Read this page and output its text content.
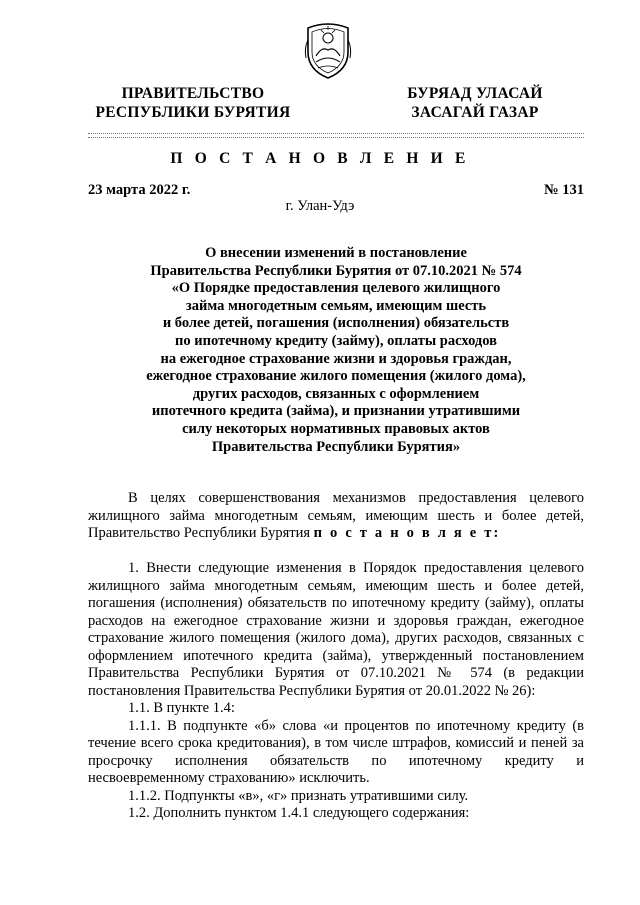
ПРАВИТЕЛЬСТВО
РЕСПУБЛИКИ БУРЯТИЯ
БУРЯАД УЛАСАЙ
ЗАСАГАЙ ГАЗАР
П О С Т А Н О В Л Е Н И Е
23 марта 2022 г.	№ 131
г. Улан-Удэ
О внесении изменений в постановление
Правительства Республики Бурятия от 07.10.2021 № 574
«О Порядке предоставления целевого жилищного
займа многодетным семьям, имеющим шесть
и более детей, погашения (исполнения) обязательств
по ипотечному кредиту (займу), оплаты расходов
на ежегодное страхование жизни и здоровья граждан,
ежегодное страхование жилого помещения (жилого дома),
других расходов, связанных с оформлением
ипотечного кредита (займа), и признании утратившими
силу некоторых нормативных правовых актов
Правительства Республики Бурятия»

В целях совершенствования механизмов предоставления целевого жилищного займа многодетным семьям, имеющим шесть и более детей, Правительство Республики Бурятия п о с т а н о в л я е т:

1. Внести следующие изменения в Порядок предоставления целевого жилищного займа многодетным семьям, имеющим шесть и более детей, погашения (исполнения) обязательств по ипотечному кредиту (займу), оплаты расходов на ежегодное страхование жизни и здоровья граждан, ежегодное страхование жилого помещения (жилого дома), других расходов, связанных с оформлением ипотечного кредита (займа), утвержденный постановлением Правительства Республики Бурятия от 07.10.2021 № 574 (в редакции постановления Правительства Республики Бурятия от 20.01.2022 № 26):

1.1. В пункте 1.4:

1.1.1. В подпункте «б» слова «и процентов по ипотечному кредиту (в течение всего срока кредитования), в том числе штрафов, комиссий и пеней за просрочку исполнения обязательств по ипотечному кредиту и несвоевременному страхованию» исключить.

1.1.2. Подпункты «в», «г» признать утратившими силу.

1.2. Дополнить пунктом 1.4.1 следующего содержания:
